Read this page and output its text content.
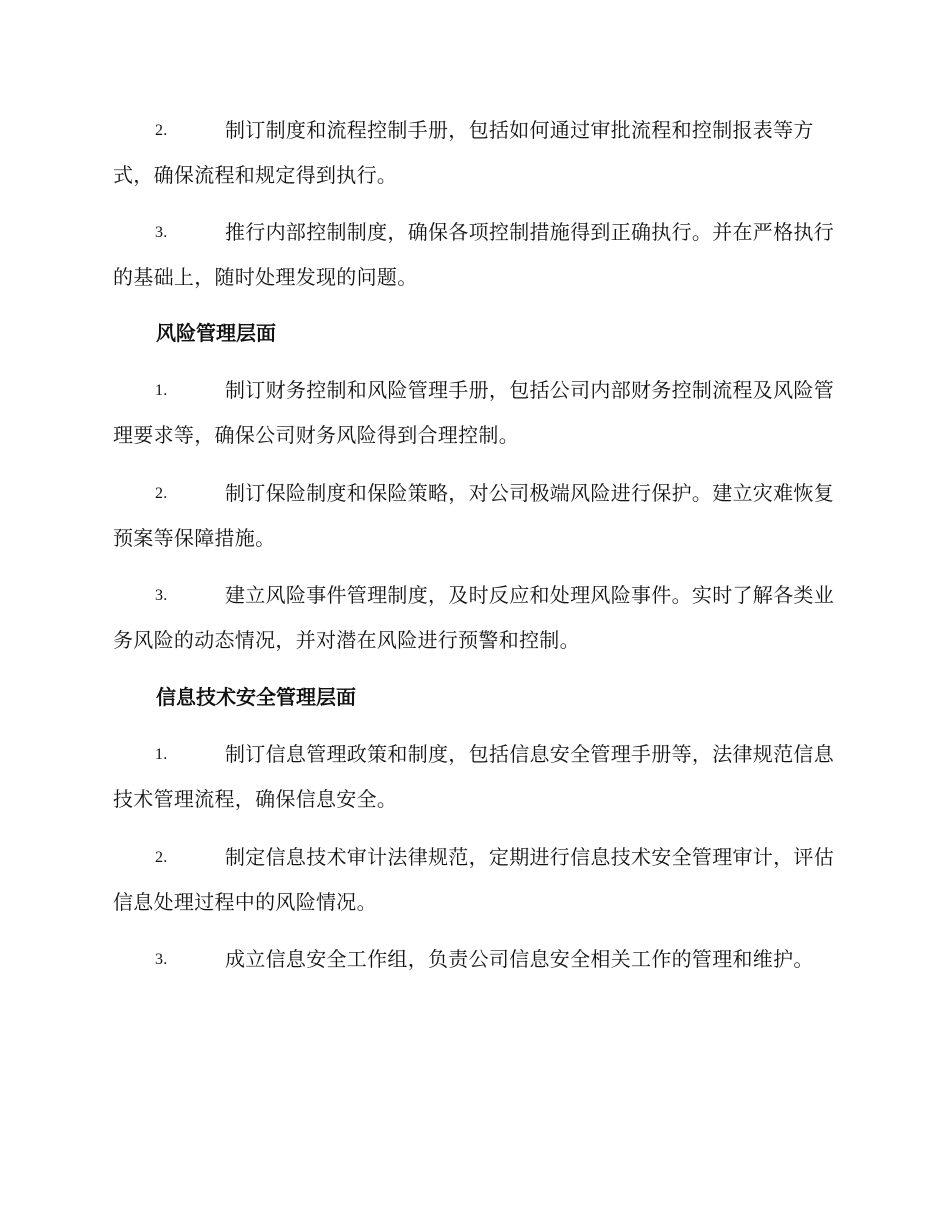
2.	制订制度和流程控制手册，包括如何通过审批流程和控制报表等方式，确保流程和规定得到执行。
3.	推行内部控制制度，确保各项控制措施得到正确执行。并在严格执行的基础上，随时处理发现的问题。
风险管理层面
1.	制订财务控制和风险管理手册，包括公司内部财务控制流程及风险管理要求等，确保公司财务风险得到合理控制。
2.	制订保险制度和保险策略，对公司极端风险进行保护。建立灾难恢复预案等保障措施。
3.	建立风险事件管理制度，及时反应和处理风险事件。实时了解各类业务风险的动态情况，并对潜在风险进行预警和控制。
信息技术安全管理层面
1.	制订信息管理政策和制度，包括信息安全管理手册等，法律规范信息技术管理流程，确保信息安全。
2.	制定信息技术审计法律规范，定期进行信息技术安全管理审计，评估信息处理过程中的风险情况。
3.	成立信息安全工作组，负责公司信息安全相关工作的管理和维护。
